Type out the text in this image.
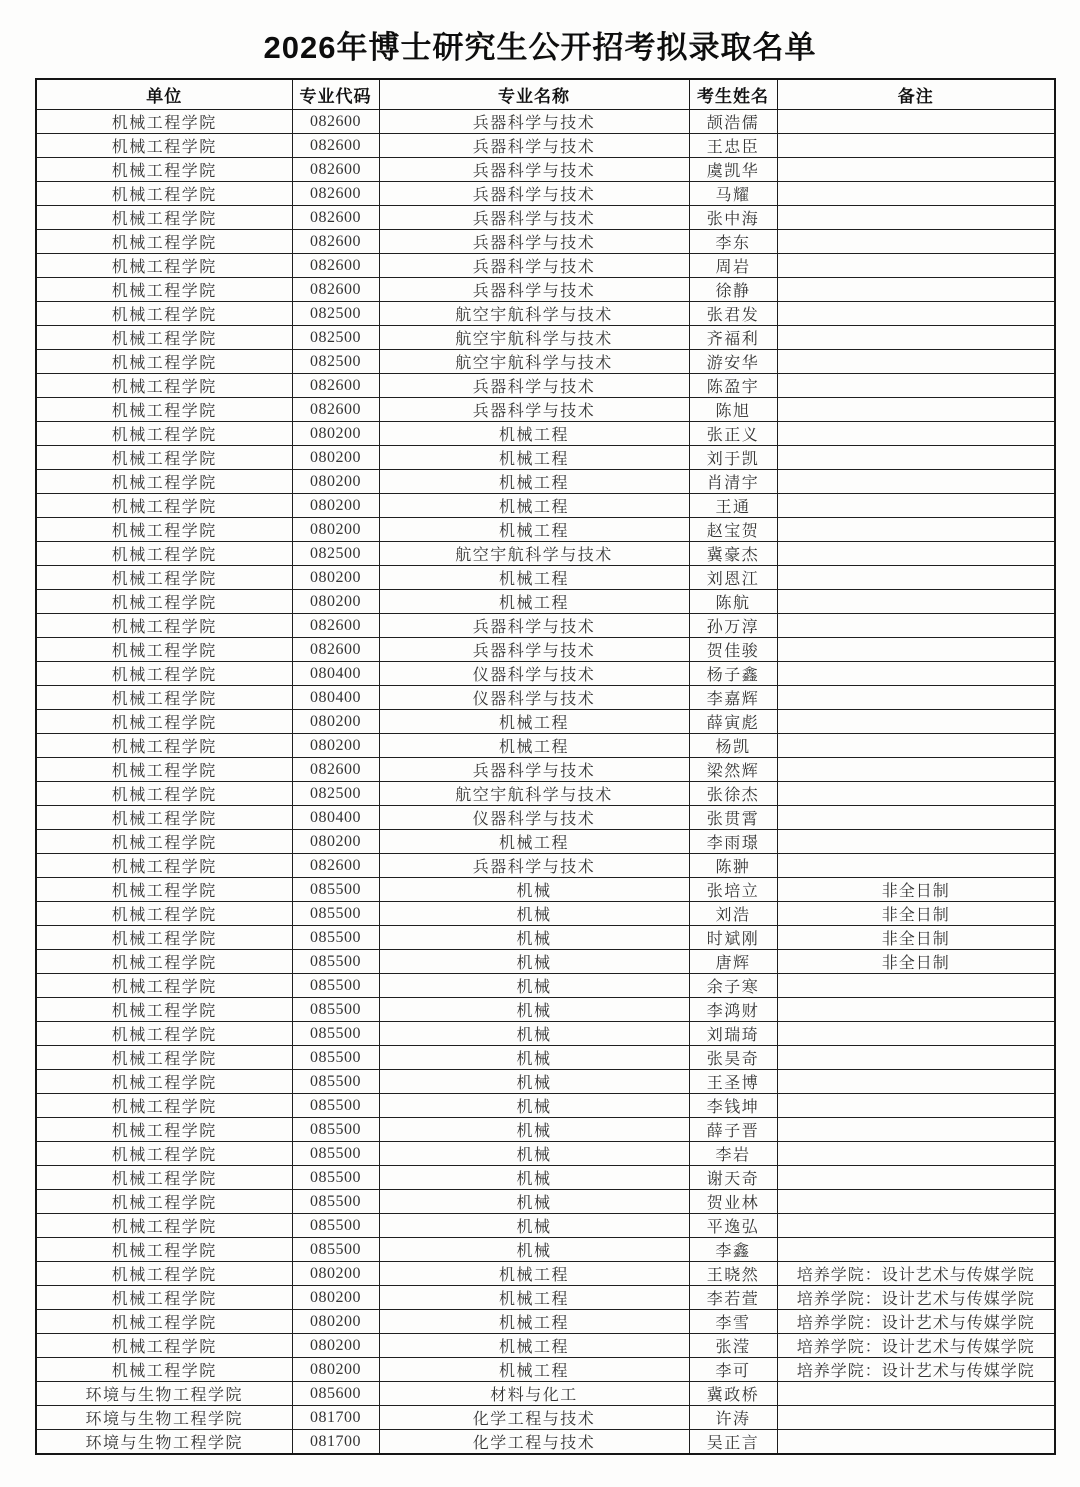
2026年博士研究生公开招考拟录取名单
单位	专业代码	专业名称	考生姓名	备注
机械工程学院	082600	兵器科学与技术	颉浩儒	
机械工程学院	082600	兵器科学与技术	王忠臣	
机械工程学院	082600	兵器科学与技术	虞凯华	
机械工程学院	082600	兵器科学与技术	马耀	
机械工程学院	082600	兵器科学与技术	张中海	
机械工程学院	082600	兵器科学与技术	李东	
机械工程学院	082600	兵器科学与技术	周岩	
机械工程学院	082600	兵器科学与技术	徐静	
机械工程学院	082500	航空宇航科学与技术	张君发	
机械工程学院	082500	航空宇航科学与技术	齐福利	
机械工程学院	082500	航空宇航科学与技术	游安华	
机械工程学院	082600	兵器科学与技术	陈盈宇	
机械工程学院	082600	兵器科学与技术	陈旭	
机械工程学院	080200	机械工程	张正义	
机械工程学院	080200	机械工程	刘于凯	
机械工程学院	080200	机械工程	肖清宇	
机械工程学院	080200	机械工程	王通	
机械工程学院	080200	机械工程	赵宝贺	
机械工程学院	082500	航空宇航科学与技术	冀豪杰	
机械工程学院	080200	机械工程	刘恩江	
机械工程学院	080200	机械工程	陈航	
机械工程学院	082600	兵器科学与技术	孙万淳	
机械工程学院	082600	兵器科学与技术	贺佳骏	
机械工程学院	080400	仪器科学与技术	杨子鑫	
机械工程学院	080400	仪器科学与技术	李嘉辉	
机械工程学院	080200	机械工程	薛寅彪	
机械工程学院	080200	机械工程	杨凯	
机械工程学院	082600	兵器科学与技术	梁然辉	
机械工程学院	082500	航空宇航科学与技术	张徐杰	
机械工程学院	080400	仪器科学与技术	张贯霄	
机械工程学院	080200	机械工程	李雨璟	
机械工程学院	082600	兵器科学与技术	陈翀	
机械工程学院	085500	机械	张培立	非全日制
机械工程学院	085500	机械	刘浩	非全日制
机械工程学院	085500	机械	时斌刚	非全日制
机械工程学院	085500	机械	唐辉	非全日制
机械工程学院	085500	机械	余子寒	
机械工程学院	085500	机械	李鸿财	
机械工程学院	085500	机械	刘瑞琦	
机械工程学院	085500	机械	张昊奇	
机械工程学院	085500	机械	王圣博	
机械工程学院	085500	机械	李钱坤	
机械工程学院	085500	机械	薛子晋	
机械工程学院	085500	机械	李岩	
机械工程学院	085500	机械	谢天奇	
机械工程学院	085500	机械	贺业林	
机械工程学院	085500	机械	平逸弘	
机械工程学院	085500	机械	李鑫	
机械工程学院	080200	机械工程	王晓然	培养学院：设计艺术与传媒学院
机械工程学院	080200	机械工程	李若萱	培养学院：设计艺术与传媒学院
机械工程学院	080200	机械工程	李雪	培养学院：设计艺术与传媒学院
机械工程学院	080200	机械工程	张滢	培养学院：设计艺术与传媒学院
机械工程学院	080200	机械工程	李可	培养学院：设计艺术与传媒学院
环境与生物工程学院	085600	材料与化工	冀政桥	
环境与生物工程学院	081700	化学工程与技术	许涛	
环境与生物工程学院	081700	化学工程与技术	吴正言	
